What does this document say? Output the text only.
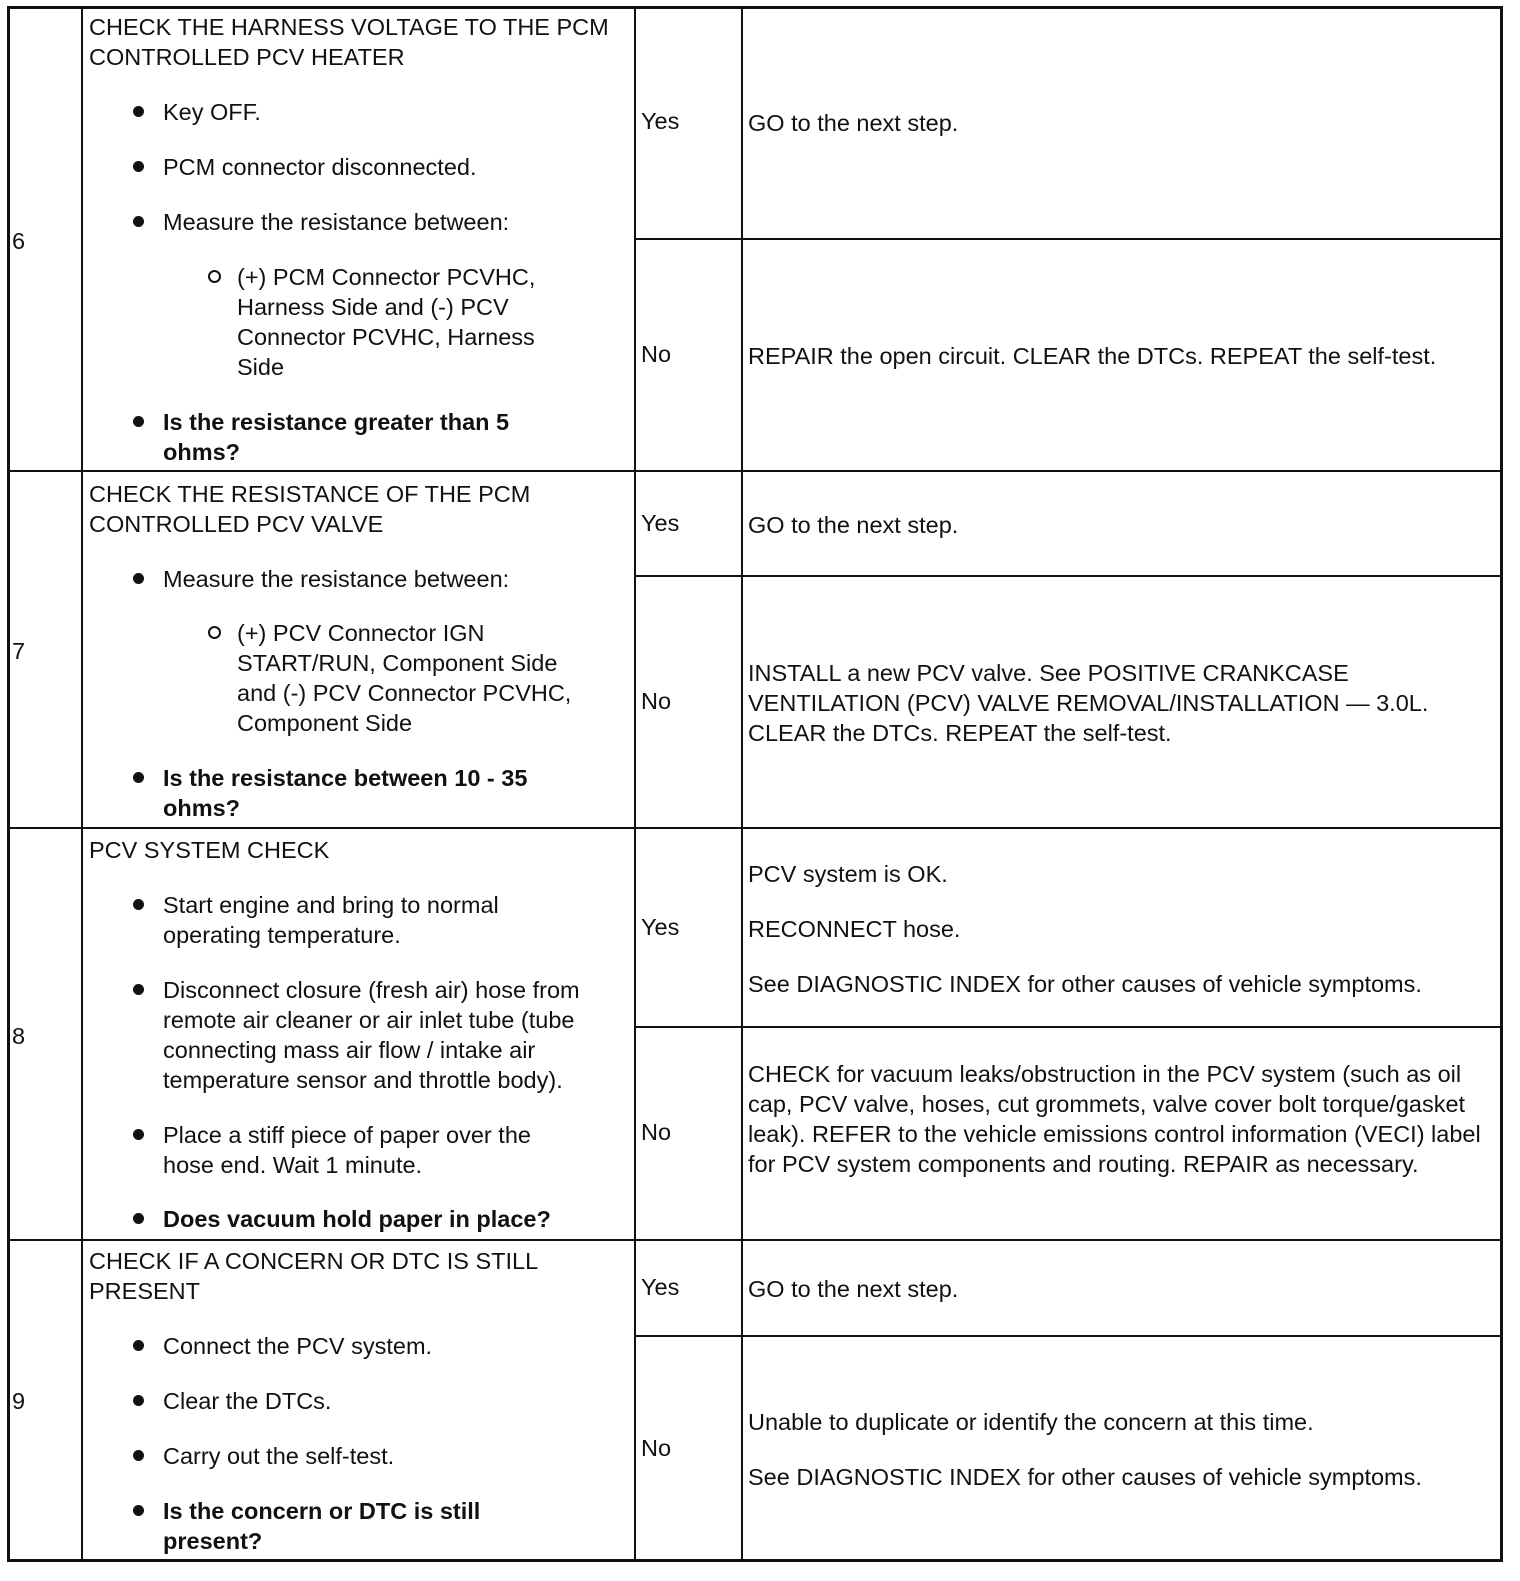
6
CHECK THE HARNESS VOLTAGE TO THE PCM CONTROLLED PCV HEATER
Key OFF.
PCM connector disconnected.
Measure the resistance between:
(+) PCM Connector PCVHC, Harness Side and (-) PCV Connector PCVHC, Harness Side
Is the resistance greater than 5 ohms?
Yes	GO to the next step.

No	REPAIR the open circuit. CLEAR the DTCs. REPEAT the self-test.

7
CHECK THE RESISTANCE OF THE PCM CONTROLLED PCV VALVE
Measure the resistance between:
(+) PCV Connector IGN START/RUN, Component Side and (-) PCV Connector PCVHC, Component Side
Is the resistance between 10 - 35 ohms?
Yes	GO to the next step.

No

INSTALL a new PCV valve. See POSITIVE CRANKCASE VENTILATION (PCV) VALVE REMOVAL/INSTALLATION — 3.0L. CLEAR the DTCs. REPEAT the self-test.

8
PCV SYSTEM CHECK
Start engine and bring to normal operating temperature.
Disconnect closure (fresh air) hose from remote air cleaner or air inlet tube (tube connecting mass air flow / intake air temperature sensor and throttle body).
Place a stiff piece of paper over the hose end. Wait 1 minute.
Does vacuum hold paper in place?
Yes

PCV system is OK.

RECONNECT hose.

See DIAGNOSTIC INDEX for other causes of vehicle symptoms.

No

CHECK for vacuum leaks/obstruction in the PCV system (such as oil cap, PCV valve, hoses, cut grommets, valve cover bolt torque/gasket leak). REFER to the vehicle emissions control information (VECI) label for PCV system components and routing. REPAIR as necessary.

9
CHECK IF A CONCERN OR DTC IS STILL PRESENT
Connect the PCV system.
Clear the DTCs.
Carry out the self-test.
Is the concern or DTC is still present?
Yes	GO to the next step.

No

Unable to duplicate or identify the concern at this time.

See DIAGNOSTIC INDEX for other causes of vehicle symptoms.
